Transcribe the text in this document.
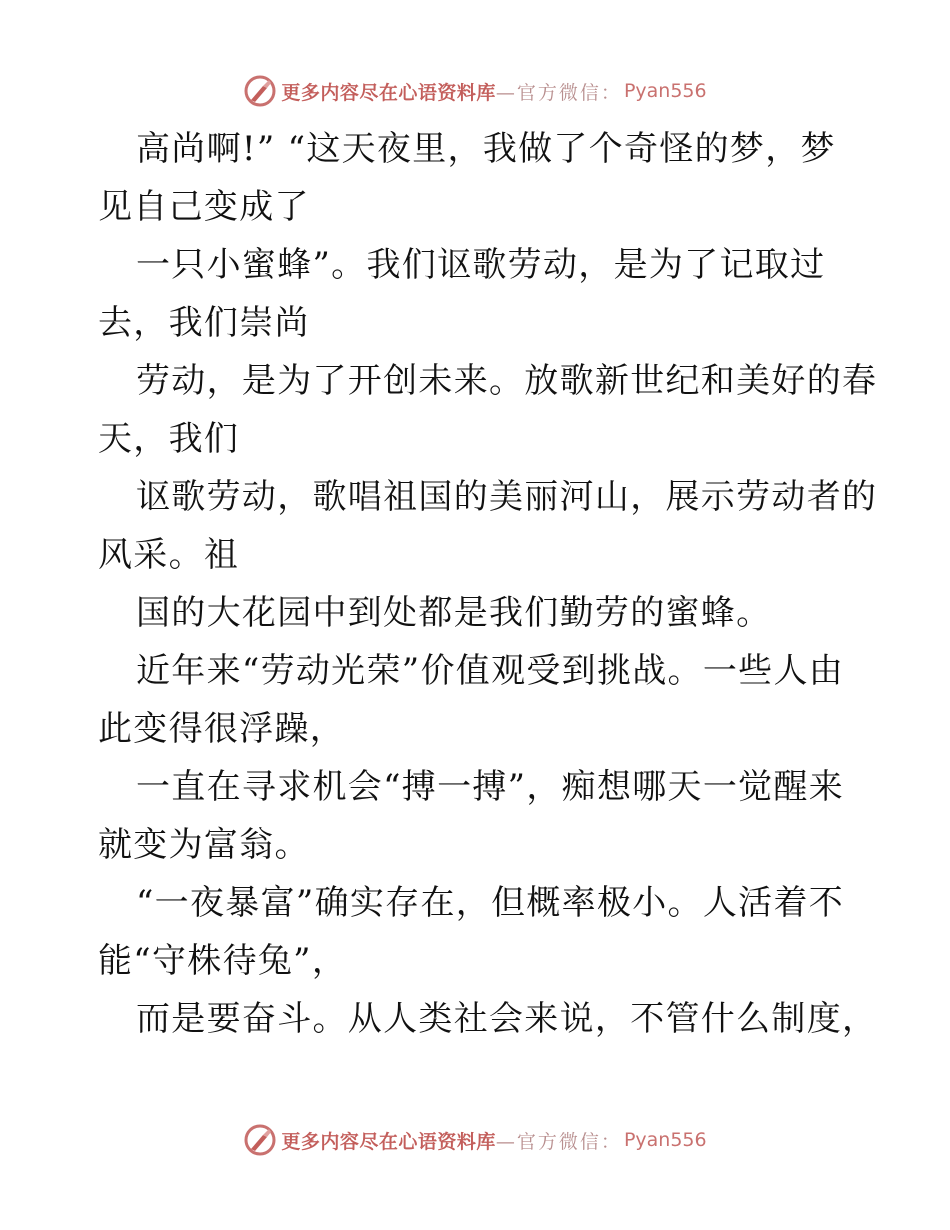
更多内容尽在心语资料库 —官方微信： Pyan556
高尚啊!” “这天夜里，我做了个奇怪的梦，梦
见自己变成了
一只小蜜蜂”。我们讴歌劳动，是为了记取过
去，我们崇尚
劳动，是为了开创未来。放歌新世纪和美好的春
天，我们
讴歌劳动，歌唱祖国的美丽河山，展示劳动者的
风采。祖
国的大花园中到处都是我们勤劳的蜜蜂。
近年来“劳动光荣”价值观受到挑战。一些人由
此变得很浮躁，
一直在寻求机会“搏一搏”，痴想哪天一觉醒来
就变为富翁。
“一夜暴富”确实存在，但概率极小。人活着不
能“守株待兔”，
而是要奋斗。从人类社会来说，不管什么制度，
更多内容尽在心语资料库 —官方微信： Pyan556
